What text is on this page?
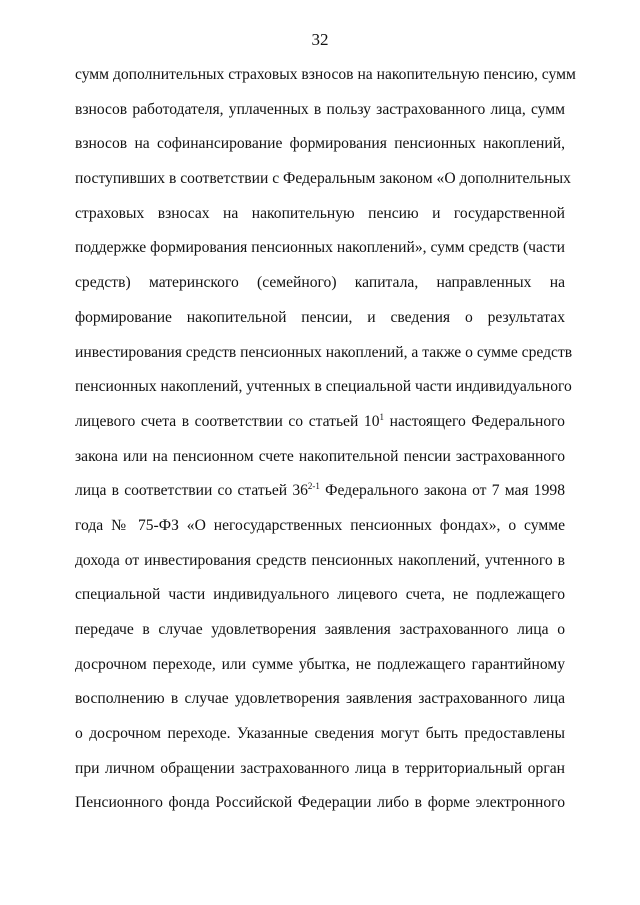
32
сумм дополнительных страховых взносов на накопительную пенсию, сумм
взносов работодателя, уплаченных в пользу застрахованного лица, сумм
взносов на софинансирование формирования пенсионных накоплений,
поступивших в соответствии с Федеральным законом «О дополнительных
страховых взносах на накопительную пенсию и государственной
поддержке формирования пенсионных накоплений», сумм средств (части
средств) материнского (семейного) капитала, направленных на
формирование накопительной пенсии, и сведения о результатах
инвестирования средств пенсионных накоплений, а также о сумме средств
пенсионных накоплений, учтенных в специальной части индивидуального
лицевого счета в соответствии со статьей $10^1$ настоящего Федерального
закона или на пенсионном счете накопительной пенсии застрахованного
лица в соответствии со статьей 36$^{2-1}$ Федерального закона от 7 мая 1998
года № 75-ФЗ «О негосударственных пенсионных фондах», о сумме
дохода от инвестирования средств пенсионных накоплений, учтенного в
специальной части индивидуального лицевого счета, не подлежащего
передаче в случае удовлетворения заявления застрахованного лица о
досрочном переходе, или сумме убытка, не подлежащего гарантийному
восполнению в случае удовлетворения заявления застрахованного лица
о досрочном переходе. Указанные сведения могут быть предоставлены
при личном обращении застрахованного лица в территориальный орган
Пенсионного фонда Российской Федерации либо в форме электронного
